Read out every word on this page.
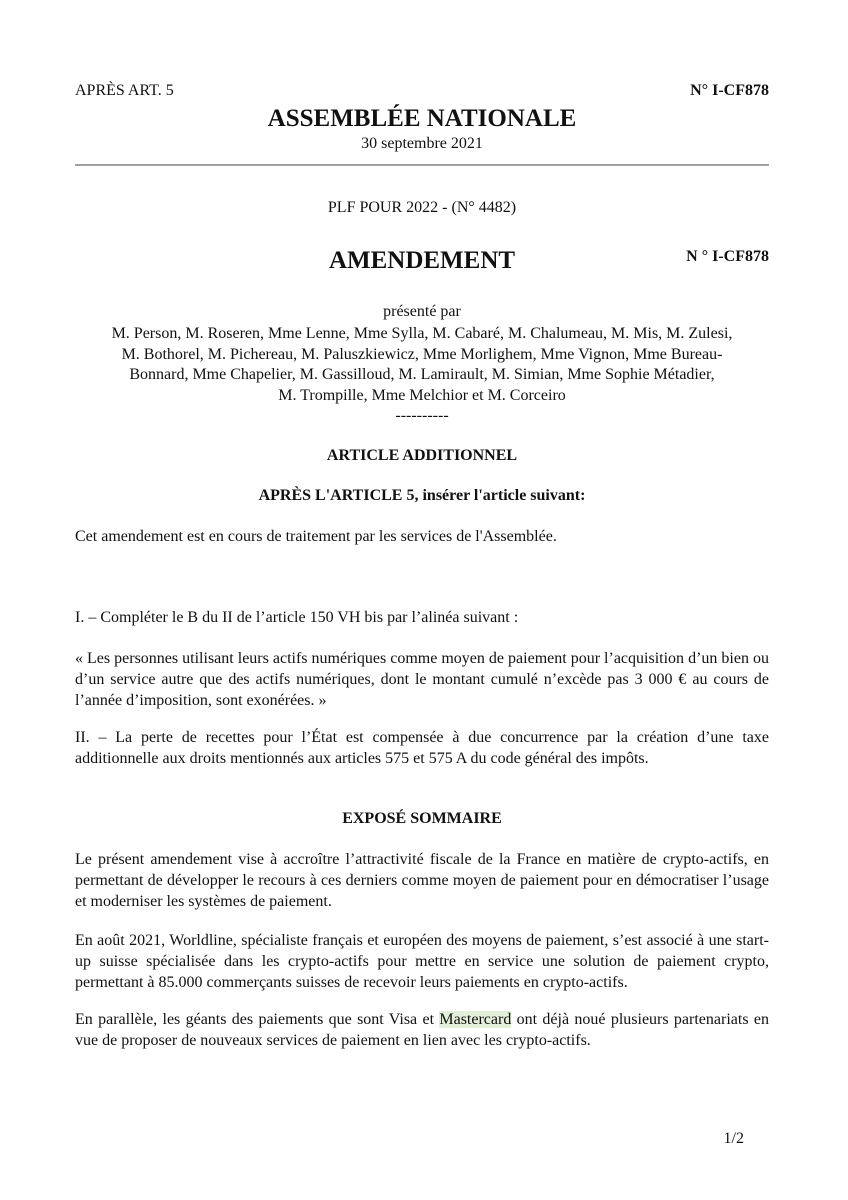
APRÈS ART. 5	N° I-CF878
ASSEMBLÉE NATIONALE
30 septembre 2021
PLF POUR 2022 - (N° 4482)
AMENDEMENT	N ° I-CF878
présenté par
M. Person, M. Roseren, Mme Lenne, Mme Sylla, M. Cabaré, M. Chalumeau, M. Mis, M. Zulesi,
M. Bothorel, M. Pichereau, M. Paluszkiewicz, Mme Morlighem, Mme Vignon, Mme Bureau-
Bonnard, Mme Chapelier, M. Gassilloud, M. Lamirault, M. Simian, Mme Sophie Métadier,
M. Trompille, Mme Melchior et M. Corceiro
----------
ARTICLE ADDITIONNEL
APRÈS L'ARTICLE 5, insérer l'article suivant:
Cet amendement est en cours de traitement par les services de l'Assemblée.
I. – Compléter le B du II de l’article 150 VH bis par l’alinéa suivant :
« Les personnes utilisant leurs actifs numériques comme moyen de paiement pour l’acquisition d’un bien ou d’un service autre que des actifs numériques, dont le montant cumulé n’excède pas 3 000 € au cours de l’année d’imposition, sont exonérées. »
II. – La perte de recettes pour l’État est compensée à due concurrence par la création d’une taxe additionnelle aux droits mentionnés aux articles 575 et 575 A du code général des impôts.
EXPOSÉ SOMMAIRE
Le présent amendement vise à accroître l’attractivité fiscale de la France en matière de crypto-actifs, en permettant de développer le recours à ces derniers comme moyen de paiement pour en démocratiser l’usage et moderniser les systèmes de paiement.
En août 2021, Worldline, spécialiste français et européen des moyens de paiement, s’est associé à une start-up suisse spécialisée dans les crypto-actifs pour mettre en service une solution de paiement crypto, permettant à 85.000 commerçants suisses de recevoir leurs paiements en crypto-actifs.
En parallèle, les géants des paiements que sont Visa et Mastercard ont déjà noué plusieurs partenariats en vue de proposer de nouveaux services de paiement en lien avec les crypto-actifs.
1/2
